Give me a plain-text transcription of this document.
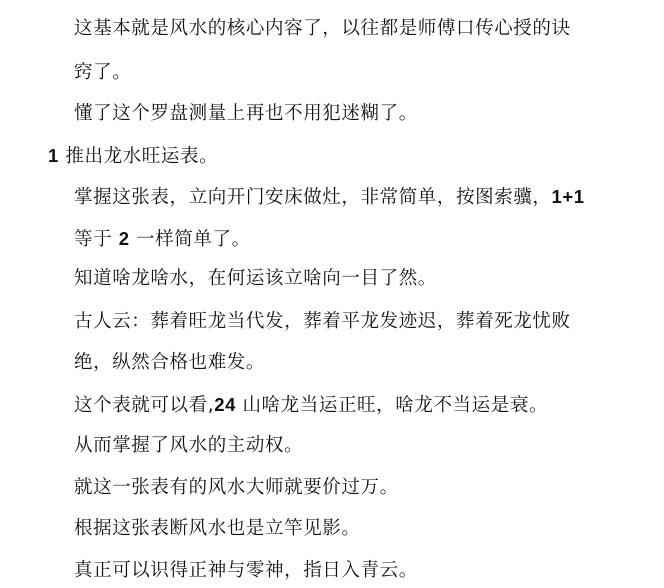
这基本就是风水的核心内容了，以往都是师傅口传心授的诀
窍了。
懂了这个罗盘测量上再也不用犯迷糊了。
1 推出龙水旺运表。
掌握这张表，立向开门安床做灶，非常简单，按图索骥，1+1
等于 2 一样简单了。
知道啥龙啥水，在何运该立啥向一目了然。
古人云：葬着旺龙当代发，葬着平龙发迹迟，葬着死龙忧败
绝，纵然合格也难发。
这个表就可以看,24 山啥龙当运正旺，啥龙不当运是衰。
从而掌握了风水的主动权。
就这一张表有的风水大师就要价过万。
根据这张表断风水也是立竿见影。
真正可以识得正神与零神，指日入青云。
